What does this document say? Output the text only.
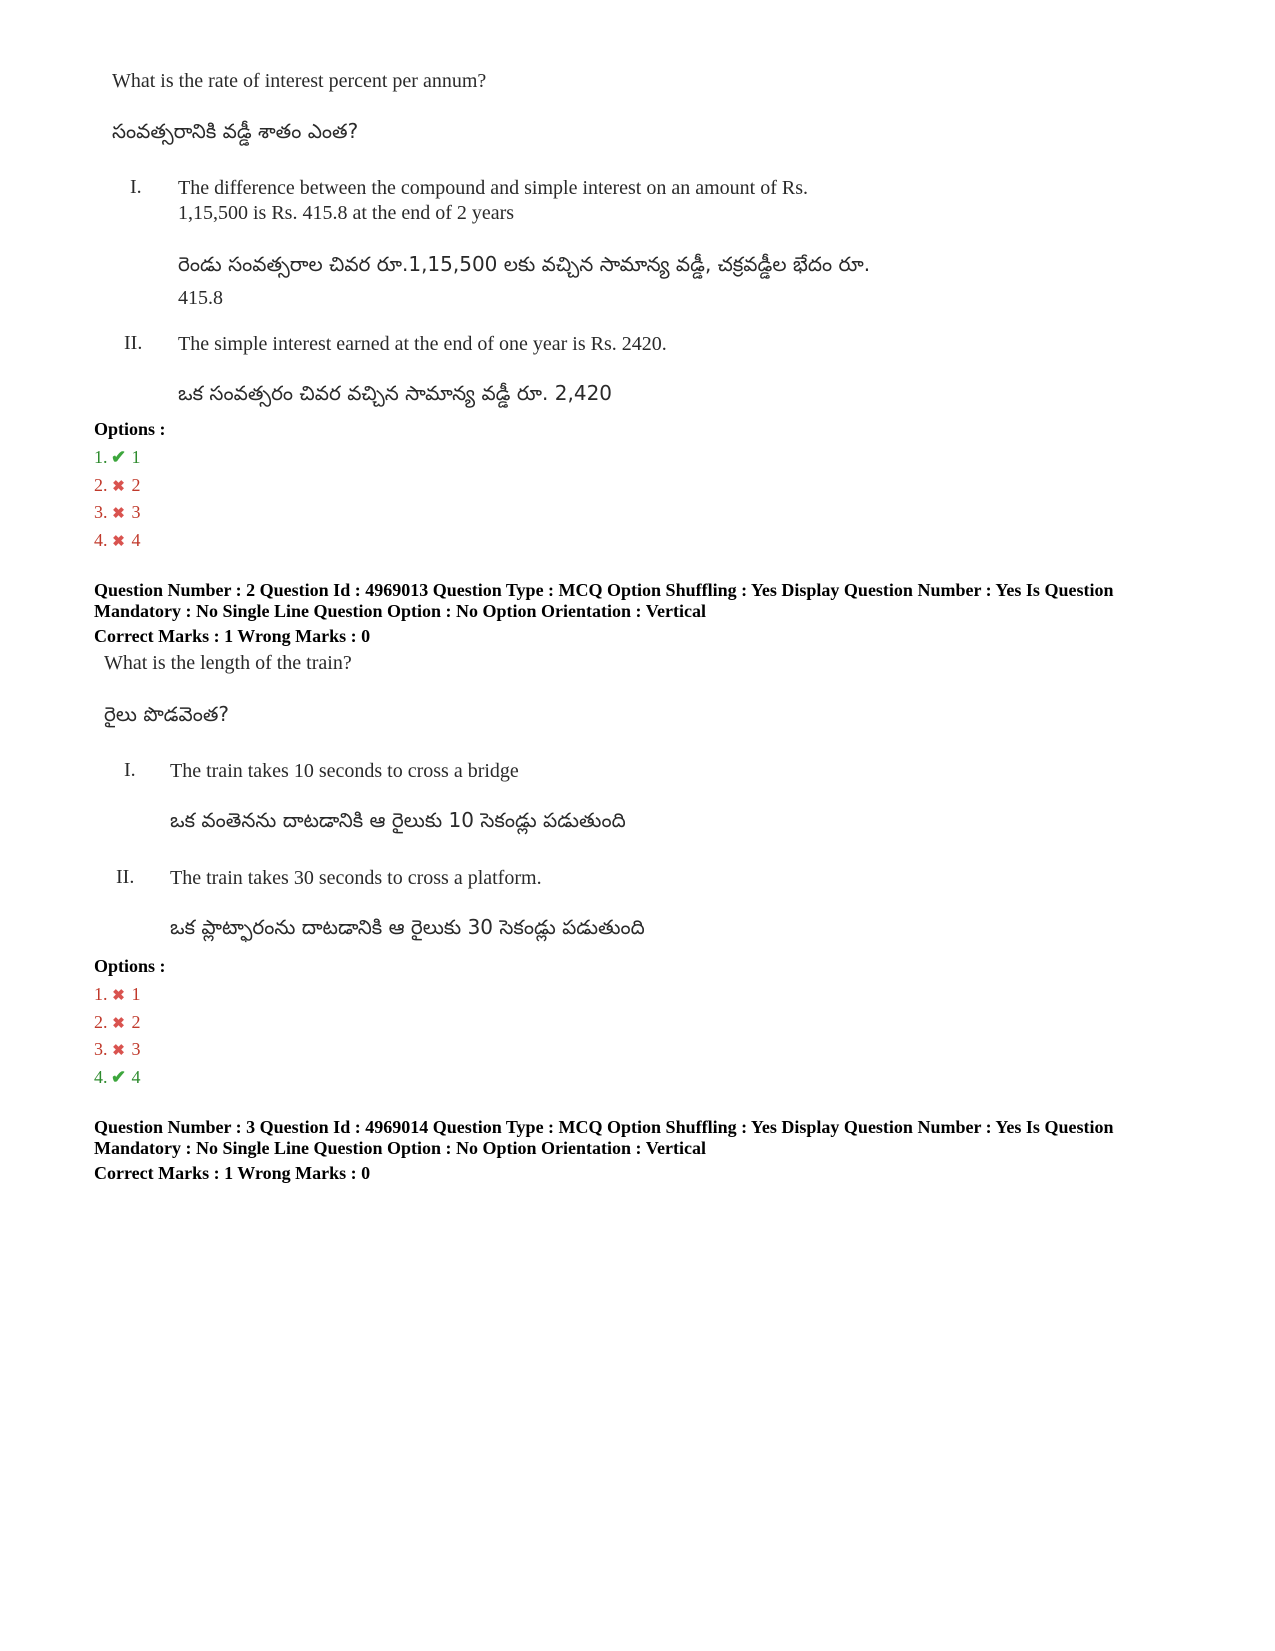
What is the rate of interest percent per annum?
సంవత్సరానికి వడ్డీ శాతం ఎంత?
I. The difference between the compound and simple interest on an amount of Rs.
1,15,500 is Rs. 415.8 at the end of 2 years
రెండు సంవత్సరాల చివర రూ.1,15,500 లకు వచ్చిన సామాన్య వడ్డీ, చక్రవడ్డీల భేదం రూ.
415.8
II. The simple interest earned at the end of one year is Rs. 2420.
ఒక సంవత్సరం చివర వచ్చిన సామాన్య వడ్డీ రూ. 2,420
Options :
1. ✔ 1
2. ✖ 2
3. ✖ 3
4. ✖ 4
Question Number : 2 Question Id : 4969013 Question Type : MCQ Option Shuffling : Yes Display Question Number : Yes Is Question
Mandatory : No Single Line Question Option : No Option Orientation : Vertical
Correct Marks : 1 Wrong Marks : 0
What is the length of the train?
రైలు పొడవెంత?
I. The train takes 10 seconds to cross a bridge
ఒక వంతెనను దాటడానికి ఆ రైలుకు 10 సెకండ్లు పడుతుంది
II. The train takes 30 seconds to cross a platform.
ఒక ప్లాట్ఫారంను దాటడానికి ఆ రైలుకు 30 సెకండ్లు పడుతుంది
Options :
1. ✖ 1
2. ✖ 2
3. ✖ 3
4. ✔ 4
Question Number : 3 Question Id : 4969014 Question Type : MCQ Option Shuffling : Yes Display Question Number : Yes Is Question
Mandatory : No Single Line Question Option : No Option Orientation : Vertical
Correct Marks : 1 Wrong Marks : 0
